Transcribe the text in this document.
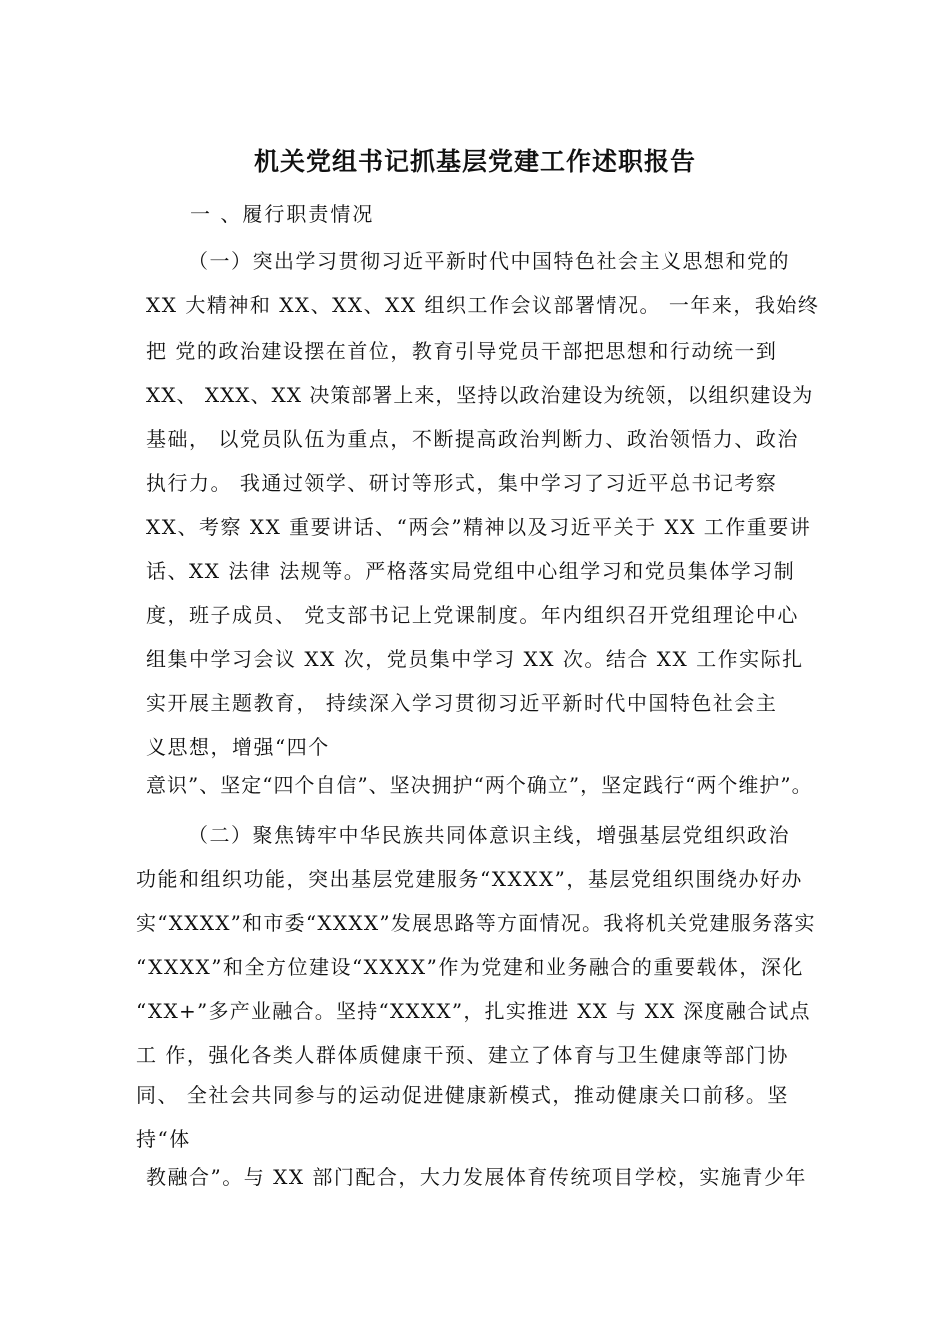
机关党组书记抓基层党建工作述职报告
一 、履行职责情况
（一）突出学习贯彻习近平新时代中国特色社会主义思想和党的
XX 大精神和 XX、XX、XX 组织工作会议部署情况。 一年来，我始终
把 党的政治建设摆在首位，教育引导党员干部把思想和行动统一到
XX、 XXX、XX 决策部署上来，坚持以政治建设为统领，以组织建设为
基础， 以党员队伍为重点，不断提高政治判断力、政治领悟力、政治
执行力。 我通过领学、研讨等形式，集中学习了习近平总书记考察
XX、考察 XX 重要讲话、“两会”精神以及习近平关于 XX 工作重要讲
话、XX 法律 法规等。严格落实局党组中心组学习和党员集体学习制
度，班子成员、 党支部书记上党课制度。年内组织召开党组理论中心
组集中学习会议 XX 次，党员集中学习 XX 次。结合 XX 工作实际扎
实开展主题教育， 持续深入学习贯彻习近平新时代中国特色社会主
义思想，增强“四个
意识”、坚定“四个自信”、坚决拥护“两个确立”，坚定践行“两个维护”。
（二）聚焦铸牢中华民族共同体意识主线，增强基层党组织政治
功能和组织功能，突出基层党建服务“XXXX”，基层党组织围绕办好办
实“XXXX”和市委“XXXX”发展思路等方面情况。我将机关党建服务落实
“XXXX”和全方位建设“XXXX”作为党建和业务融合的重要载体，深化
“XX+”多产业融合。坚持“XXXX”，扎实推进 XX 与 XX 深度融合试点
工 作，强化各类人群体质健康干预、建立了体育与卫生健康等部门协
同、 全社会共同参与的运动促进健康新模式，推动健康关口前移。坚
持“体
教融合”。与 XX 部门配合，大力发展体育传统项目学校，实施青少年
